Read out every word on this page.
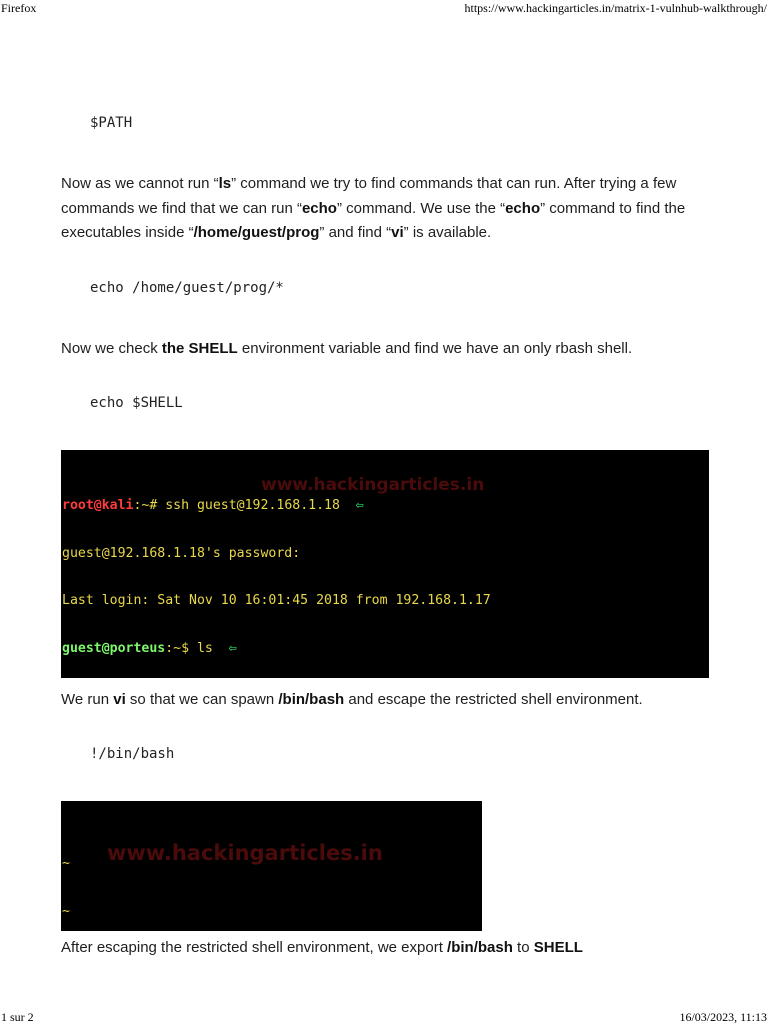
Firefox	https://www.hackingarticles.in/matrix-1-vulnhub-walkthrough/
$PATH

Now as we cannot run “ls” command we try to find commands that can run. After trying a few commands we find that we can run “echo” command. We use the “echo” command to find the executables inside “/home/guest/prog” and find “vi” is available.

echo /home/guest/prog/*

Now we check the SHELL environment variable and find we have an only rbash shell.

echo $SHELL

We run vi so that we can spawn /bin/bash and escape the restricted shell environment.

!/bin/bash

After escaping the restricted shell environment, we export /bin/bash to SHELL

www.hackingarticles.in

root@kali:~# ssh guest@192.168.1.18 ⇦

guest@192.168.1.18's password:

Last login: Sat Nov 10 16:01:45 2018 from 192.168.1.17

guest@porteus:~$ ls ⇦

www.hackingarticles.in

~

~

1 sur 2	16/03/2023, 11:13
